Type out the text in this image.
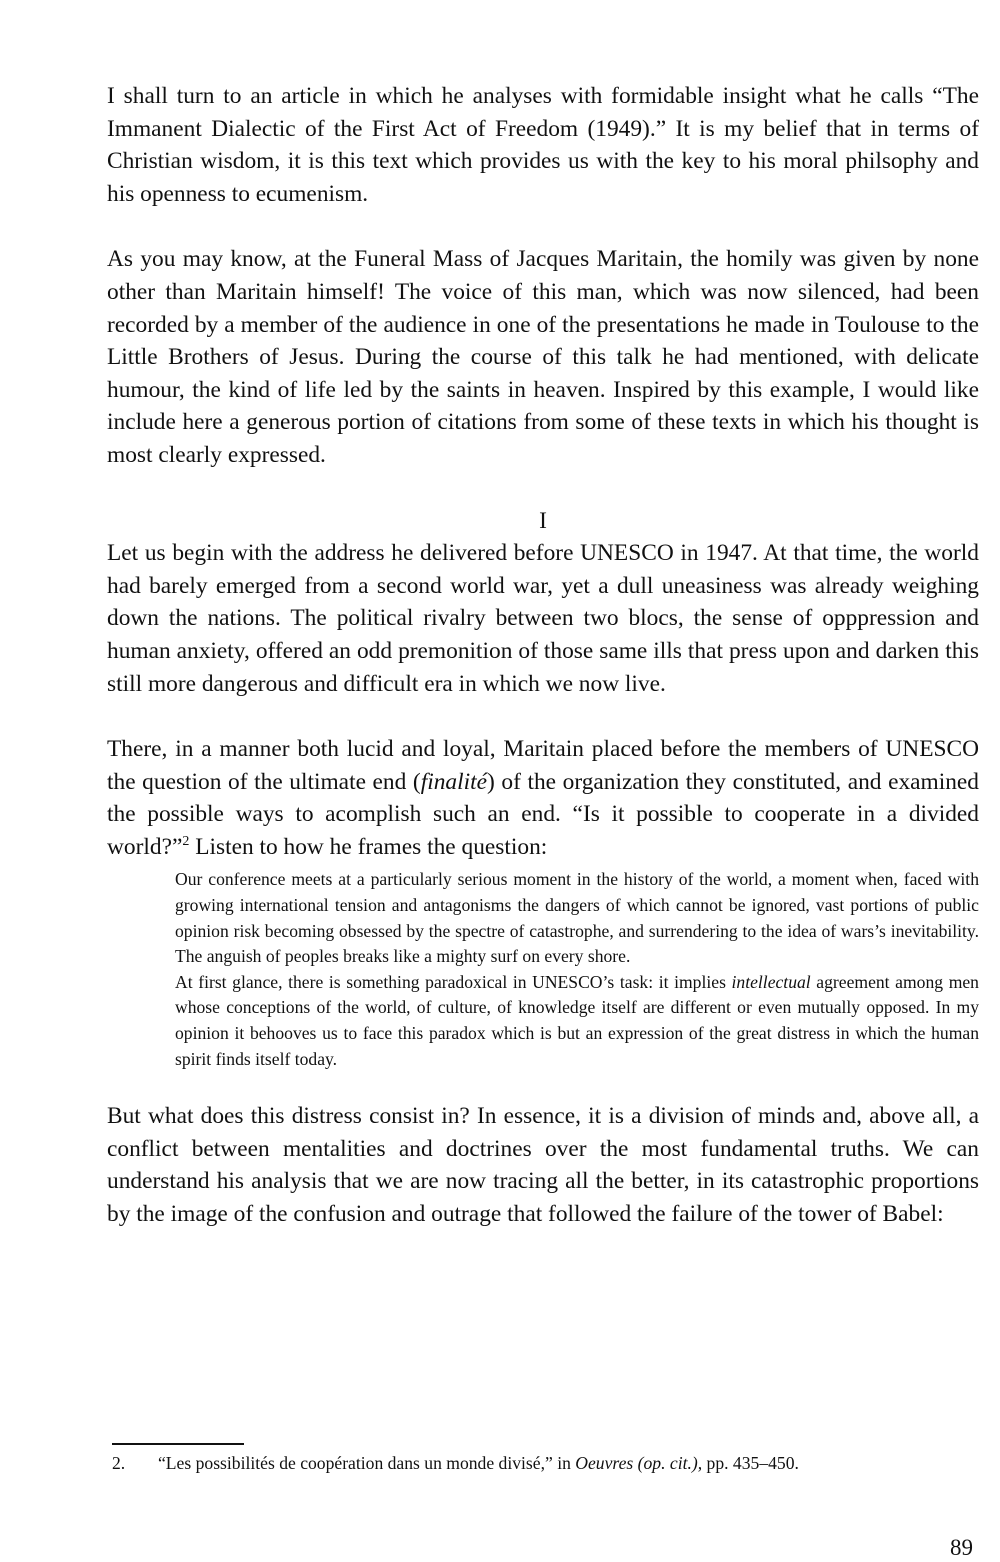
I shall turn to an article in which he analyses with formidable insight what he calls “The Immanent Dialectic of the First Act of Freedom (1949).” It is my belief that in terms of Christian wisdom, it is this text which provides us with the key to his moral philsophy and his openness to ecumenism.

As you may know, at the Funeral Mass of Jacques Maritain, the homily was given by none other than Maritain himself! The voice of this man, which was now silenced, had been recorded by a member of the audience in one of the presentations he made in Toulouse to the Little Brothers of Jesus. During the course of this talk he had mentioned, with delicate humour, the kind of life led by the saints in heaven. Inspired by this example, I would like include here a generous portion of citations from some of these texts in which his thought is most clearly expressed.

I

Let us begin with the address he delivered before UNESCO in 1947. At that time, the world had barely emerged from a second world war, yet a dull uneasiness was already weighing down the nations. The political rivalry between two blocs, the sense of opppression and human anxiety, offered an odd premonition of those same ills that press upon and darken this still more dangerous and difficult era in which we now live.

There, in a manner both lucid and loyal, Maritain placed before the members of UNESCO the question of the ultimate end (finalité) of the organization they constituted, and examined the possible ways to acomplish such an end. “Is it possible to cooperate in a divided world?”$^2$ Listen to how he frames the question:

Our conference meets at a particularly serious moment in the history of the world, a moment when, faced with growing international tension and antagonisms the dangers of which cannot be ignored, vast portions of public opinion risk becoming obsessed by the spectre of catastrophe, and surrendering to the idea of wars’s inevitability. The anguish of peoples breaks like a mighty surf on every shore.

At first glance, there is something paradoxical in UNESCO’s task: it implies intellectual agreement among men whose conceptions of the world, of culture, of knowledge itself are different or even mutually opposed. In my opinion it behooves us to face this paradox which is but an expression of the great distress in which the human spirit finds itself today.

But what does this distress consist in? In essence, it is a division of minds and, above all, a conflict between mentalities and doctrines over the most fundamental truths. We can understand his analysis that we are now tracing all the better, in its catastrophic proportions by the image of the confusion and outrage that followed the failure of the tower of Babel:

2. “Les possibilités de coopération dans un monde divisé,” in Oeuvres (op. cit.), pp. 435–450.
89
